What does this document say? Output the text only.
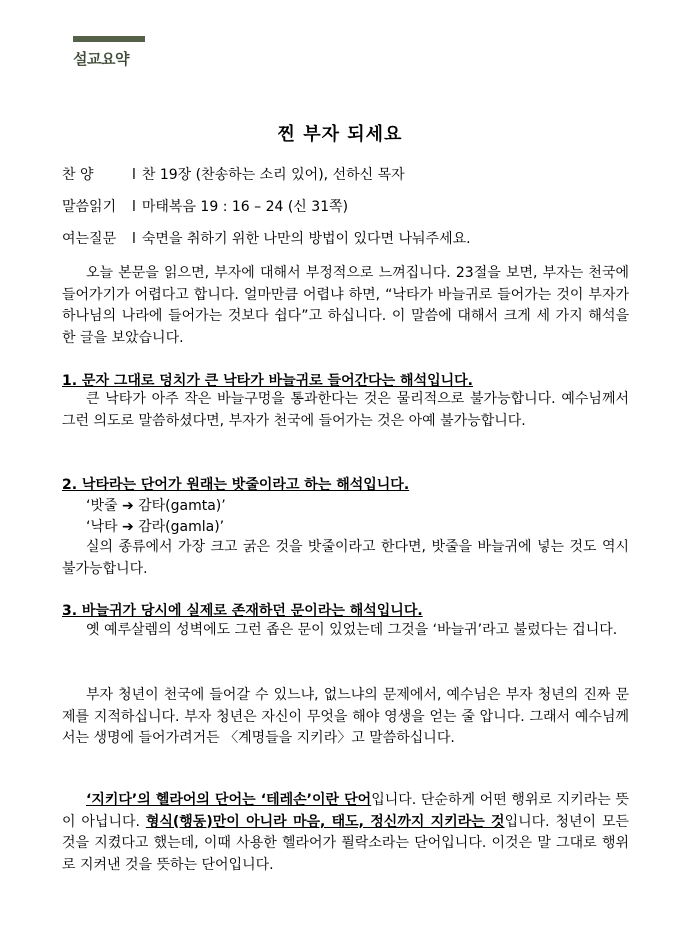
설교요약
찐 부자 되세요
찬 양	l 찬 19장 (찬송하는 소리 있어), 선하신 목자
말씀읽기 l 마태복음 19 : 16 – 24 (신 31쪽)
여는질문 l 숙면을 취하기 위한 나만의 방법이 있다면 나눠주세요.
오늘 본문을 읽으면, 부자에 대해서 부정적으로 느껴집니다. 23절을 보면, 부자는 천국에 들어가기가 어렵다고 합니다. 얼마만큼 어렵냐 하면, “낙타가 바늘귀로 들어가는 것이 부자가 하나님의 나라에 들어가는 것보다 쉽다”고 하십니다. 이 말씀에 대해서 크게 세 가지 해석을 한 글을 보았습니다.
1. 문자 그대로 덩치가 큰 낙타가 바늘귀로 들어간다는 해석입니다.
큰 낙타가 아주 작은 바늘구멍을 통과한다는 것은 물리적으로 불가능합니다. 예수님께서 그런 의도로 말씀하셨다면, 부자가 천국에 들어가는 것은 아예 불가능합니다.
2. 낙타라는 단어가 원래는 밧줄이라고 하는 해석입니다.
‘밧줄 ➔ 감타(gamta)’
‘낙타 ➔ 감라(gamla)’
실의 종류에서 가장 크고 굵은 것을 밧줄이라고 한다면, 밧줄을 바늘귀에 넣는 것도 역시 불가능합니다.
3. 바늘귀가 당시에 실제로 존재하던 문이라는 해석입니다.
옛 예루살렘의 성벽에도 그런 좁은 문이 있었는데 그것을 ‘바늘귀’라고 불렀다는 겁니다.
부자 청년이 천국에 들어갈 수 있느냐, 없느냐의 문제에서, 예수님은 부자 청년의 진짜 문제를 지적하십니다. 부자 청년은 자신이 무엇을 해야 영생을 얻는 줄 압니다. 그래서 예수님께서는 생명에 들어가려거든 〈계명들을 지키라〉고 말씀하십니다.
‘지키다’의 헬라어의 단어는 ‘테레손’이란 단어입니다. 단순하게 어떤 행위로 지키라는 뜻이 아닙니다. 형식(행동)만이 아니라 마음, 태도, 정신까지 지키라는 것입니다. 청년이 모든 것을 지켰다고 했는데, 이때 사용한 헬라어가 퓔락소라는 단어입니다. 이것은 말 그대로 행위로 지켜낸 것을 뜻하는 단어입니다.
